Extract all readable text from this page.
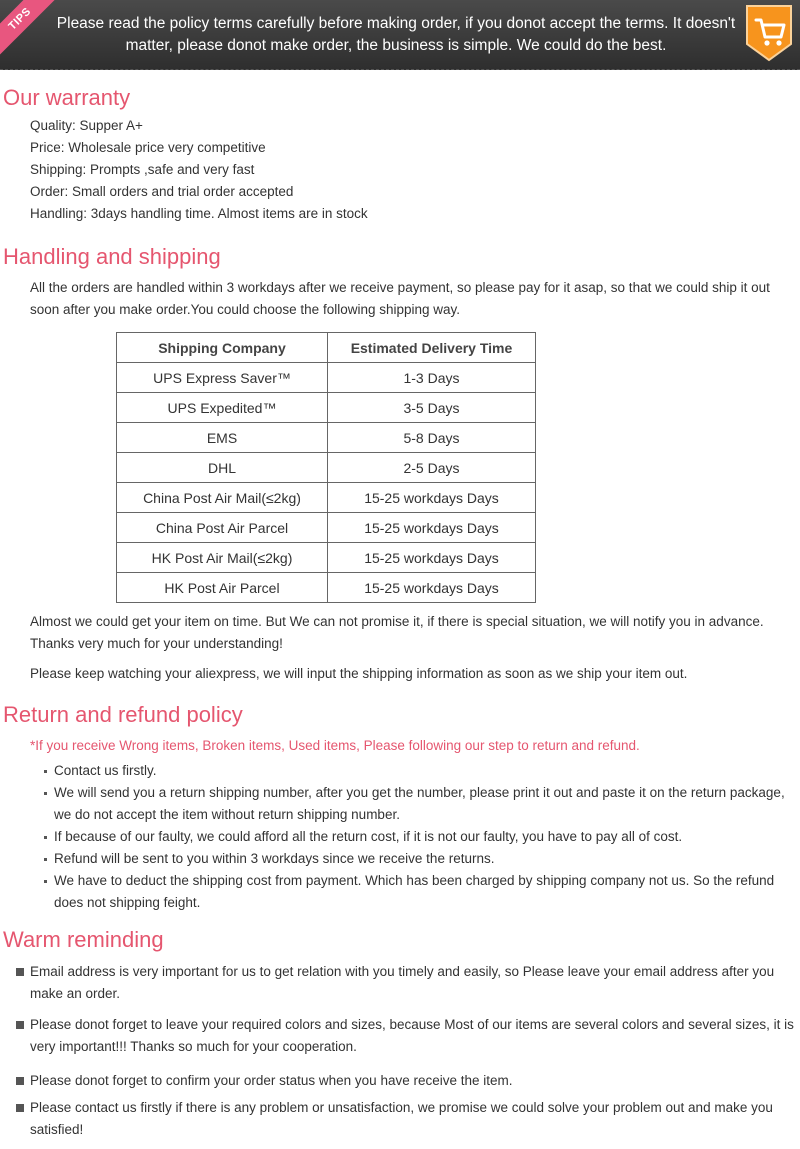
TIPS	Please read the policy terms carefully before making order, if you donot accept the terms. It doesn't matter, please donot make order, the business is simple. We could do the best.
Our warranty
Quality: Supper A+
Price: Wholesale price very competitive
Shipping: Prompts ,safe and very fast
Order: Small orders and trial order accepted
Handling: 3days handling time. Almost items are in stock
Handling and shipping

All the orders are handled within 3 workdays after we receive payment, so please pay for it asap, so that we could ship it out soon after you make order.You could choose the following shipping way.

Shipping Company	Estimated Delivery Time
UPS Express Saver™	1-3 Days
UPS Expedited™	3-5 Days
EMS	5-8 Days
DHL	2-5 Days
China Post Air Mail(≤2kg)	15-25 workdays Days
China Post Air Parcel	15-25 workdays Days
HK Post Air Mail(≤2kg)	15-25 workdays Days
HK Post Air Parcel	15-25 workdays Days

Almost we could get your item on time. But We can not promise it, if there is special situation, we will notify you in advance. Thanks very much for your understanding!

Please keep watching your aliexpress, we will input the shipping information as soon as we ship your item out.

Return and refund policy
*If you receive Wrong items, Broken items, Used items, Please following our step to return and refund.
Contact us firstly.
We will send you a return shipping number, after you get the number, please print it out and paste it on the return package, we do not accept the item without return shipping number.
If because of our faulty, we could afford all the return cost, if it is not our faulty, you have to pay all of cost.
Refund will be sent to you within 3 workdays since we receive the returns.
We have to deduct the shipping cost from payment. Which has been charged by shipping company not us. So the refund does not shipping feight.
Warm reminding
Email address is very important for us to get relation with you timely and easily, so Please leave your email address after you make an order.
Please donot forget to leave your required colors and sizes, because Most of our items are several colors and several sizes, it is very important!!! Thanks so much for your cooperation.
Please donot forget to confirm your order status when you have receive the item.
Please contact us firstly if there is any problem or unsatisfaction, we promise we could solve your problem out and make you satisfied!
